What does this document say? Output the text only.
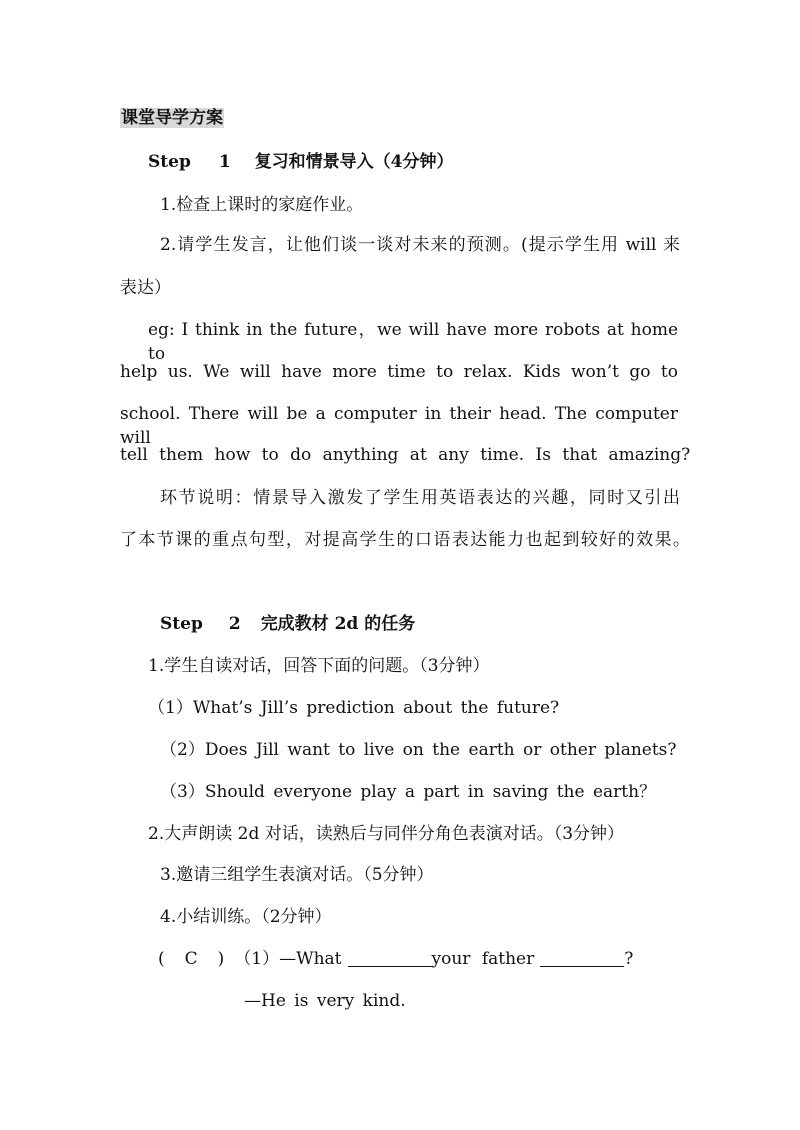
课堂导学方案
Step 1 复习和情景导入（4分钟）
1.检查上课时的家庭作业。
2.请学生发言，让他们谈一谈对未来的预测。(提示学生用 will 来
表达）
eg: I think in the future，we will have more robots at home to
help us. We will have more time to relax. Kids won’t go to
school. There will be a computer in their head. The computer will
tell them how to do anything at any time. Is that amazing?
环节说明：情景导入激发了学生用英语表达的兴趣，同时又引出
了本节课的重点句型，对提高学生的口语表达能力也起到较好的效果。
Step 2 完成教材 2d 的任务
1.学生自读对话，回答下面的问题。（3分钟）
（1）What’s Jill’s prediction about the future?
（2）Does Jill want to live on the earth or other planets?
（3）Should everyone play a part in saving the earth？
2.大声朗读 2d 对话，读熟后与同伴分角色表演对话。（3分钟）
3.邀请三组学生表演对话。（5分钟）
4.小结训练。（2分钟）
( C ) （1）—What	your father	?
—He is very kind.
